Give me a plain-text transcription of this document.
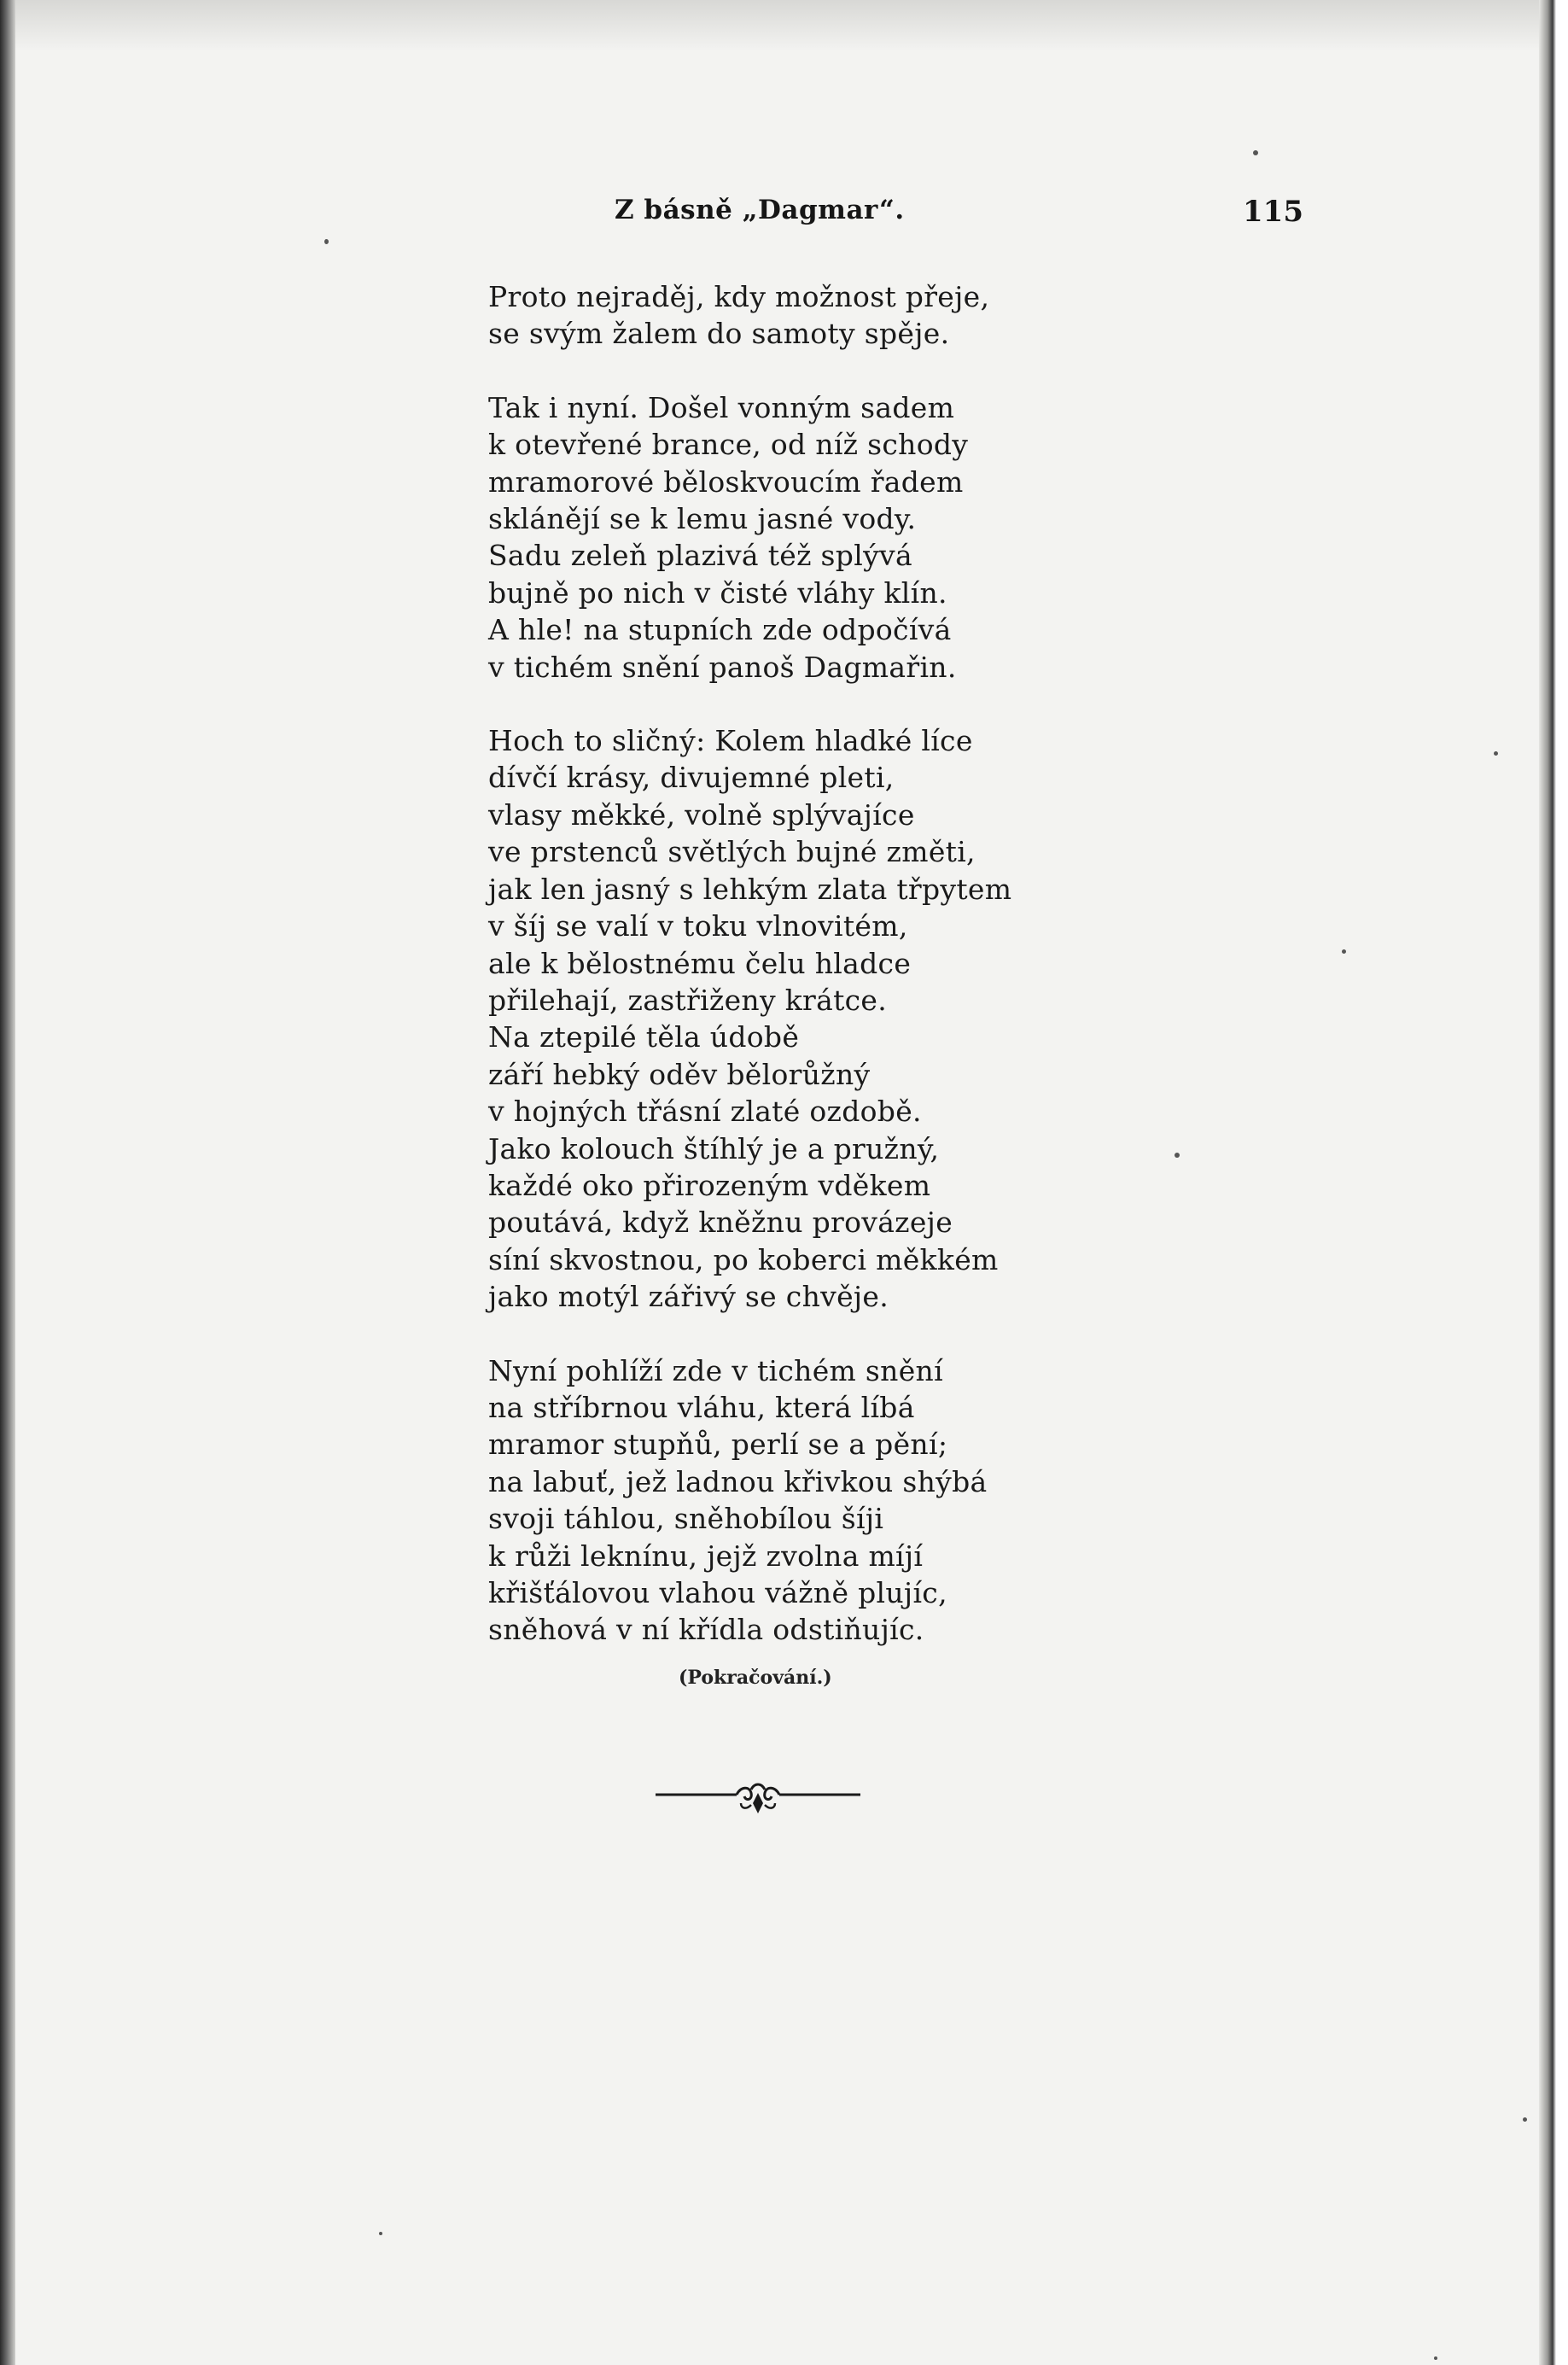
Z básně „Dagmar“.	115
Proto nejraděj, kdy možnost přeje,
se svým žalem do samoty spěje.
Tak i nyní. Došel vonným sadem
k otevřené brance, od níž schody
mramorové běloskvoucím řadem
sklánějí se k lemu jasné vody.
Sadu zeleň plazivá též splývá
bujně po nich v čisté vláhy klín.
A hle! na stupních zde odpočívá
v tichém snění panoš Dagmařin.
Hoch to sličný: Kolem hladké líce
dívčí krásy, divujemné pleti,
vlasy měkké, volně splývajíce
ve prstenců světlých bujné změti,
jak len jasný s lehkým zlata třpytem
v šíj se valí v toku vlnovitém,
ale k bělostnému čelu hladce
přilehají, zastřiženy krátce.
Na ztepilé těla údobě
září hebký oděv bělorůžný
v hojných třásní zlaté ozdobě.
Jako kolouch štíhlý je a pružný,
každé oko přirozeným vděkem
poutává, když kněžnu provázeje
síní skvostnou, po koberci měkkém
jako motýl zářivý se chvěje.
Nyní pohlíží zde v tichém snění
na stříbrnou vláhu, která líbá
mramor stupňů, perlí se a pění;
na labuť, jež ladnou křivkou shýbá
svoji táhlou, sněhobílou šíji
k růži leknínu, jejž zvolna míjí
křišťálovou vlahou vážně plujíc,
sněhová v ní křídla odstiňujíc.
(Pokračování.)
